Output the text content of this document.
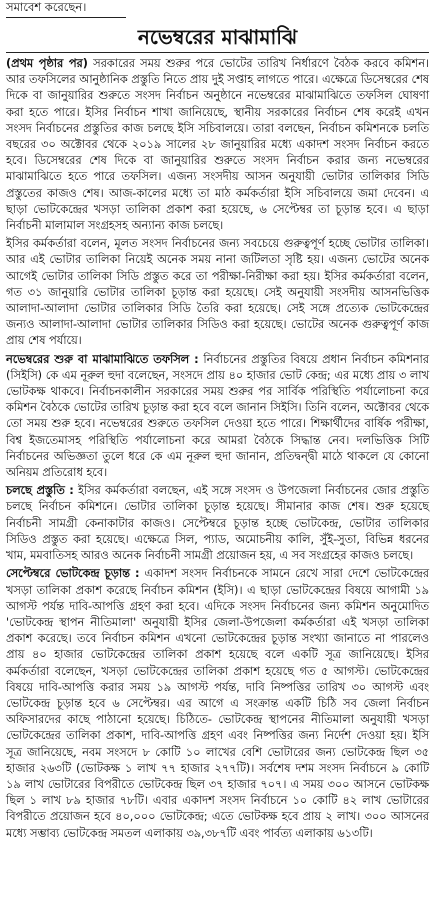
সমাবেশ করেছেন।
নভেম্বরের মাঝামাঝি

(প্রথম পৃষ্ঠার পর) সরকারের সময় শুরুর পরে ভোটের তারিখ নির্ধারণে বৈঠক করবে কমিশন। আর তফসিলের আনুষ্ঠানিক প্রস্তুতি নিতে প্রায় দুই সপ্তাহ লাগতে পারে। এক্ষেত্রে ডিসেম্বরের শেষ দিকে বা জানুয়ারির শুরুতে সংসদ নির্বাচন অনুষ্ঠানে নভেম্বরের মাঝামাঝিতে তফসিল ঘোষণা করা হতে পারে। ইসির নির্বাচন শাখা জানিয়েছে, স্থানীয় সরকারের নির্বাচন শেষ করেই এখন সংসদ নির্বাচনের প্রস্তুতির কাজ চলছে ইসি সচিবালয়ে। তারা বলছেন, নির্বাচন কমিশনকে চলতি বছরের ৩০ অক্টোবর থেকে ২০১৯ সালের ২৮ জানুয়ারির মধ্যে একাদশ সংসদ নির্বাচন করতে হবে। ডিসেম্বরের শেষ দিকে বা জানুয়ারির শুরুতে সংসদ নির্বাচন করার জন্য নভেম্বরের মাঝামাঝিতে হতে পারে তফসিল। এজন্য সংসদীয় আসন অনুযায়ী ভোটার তালিকার সিডি প্রস্তুতের কাজও শেষ। আজ-কালের মধ্যে তা মাঠ কর্মকর্তারা ইসি সচিবালয়ে জমা দেবেন। এ ছাড়া ভোটকেন্দ্রের খসড়া তালিকা প্রকাশ করা হয়েছে, ৬ সেপ্টেম্বর তা চূড়ান্ত হবে। এ ছাড়া নির্বাচনী মালামাল সংগ্রহসহ অন্যান্য কাজ চলছে।

ইসির কর্মকর্তারা বলেন, মূলত সংসদ নির্বাচনের জন্য সবচেয়ে গুরুত্বপূর্ণ হচ্ছে ভোটার তালিকা। আর এই ভোটার তালিকা নিয়েই অনেক সময় নানা জটিলতা সৃষ্টি হয়। এজন্য ভোটের অনেক আগেই ভোটার তালিকা সিডি প্রস্তুত করে তা পরীক্ষা-নিরীক্ষা করা হয়। ইসির কর্মকর্তারা বলেন, গত ৩১ জানুয়ারি ভোটার তালিকা চূড়ান্ত করা হয়েছে। সেই অনুযায়ী সংসদীয় আসনভিত্তিক আলাদা-আলাদা ভোটার তালিকার সিডি তৈরি করা হয়েছে। সেই সঙ্গে প্রত্যেক ভোটকেন্দ্রের জন্যও আলাদা-আলাদা ভোটার তালিকার সিডিও করা হয়েছে। ভোটের অনেক গুরুত্বপূর্ণ কাজ প্রায় শেষ পর্যায়ে।

নভেম্বরের শুরু বা মাঝামাঝিতে তফসিল : নির্বাচনের প্রস্তুতির বিষয়ে প্রধান নির্বাচন কমিশনার (সিইসি) কে এম নূরুল হুদা বলেছেন, সংসদে প্রায় ৪০ হাজার ভোট কেন্দ্র; এর মধ্যে প্রায় ৩ লাখ ভোটকক্ষ থাকবে। নির্বাচনকালীন সরকারের সময় শুরুর পর সার্বিক পরিস্থিতি পর্যালোচনা করে কমিশন বৈঠকে ভোটের তারিখ চূড়ান্ত করা হবে বলে জানান সিইসি। তিনি বলেন, অক্টোবর থেকে তো সময় শুরু হবে। নভেম্বরের শুরুতে তফসিল দেওয়া হতে পারে। শিক্ষার্থীদের বার্ষিক পরীক্ষা, বিশ্ব ইজতেমাসহ পরিস্থিতি পর্যালোচনা করে আমরা বৈঠকে সিদ্ধান্ত নেব। দলভিত্তিক সিটি নির্বাচনের অভিজ্ঞতা তুলে ধরে কে এম নূরুল হুদা জানান, প্রতিদ্বন্দ্বী মাঠে থাকলে যে কোনো অনিয়ম প্রতিরোধ হবে।

চলছে প্রস্তুতি : ইসির কর্মকর্তারা বলছেন, এই সঙ্গে সংসদ ও উপজেলা নির্বাচনের জোর প্রস্তুতি চলছে নির্বাচন কমিশনে। ভোটার তালিকা চূড়ান্ত হয়েছে। সীমানার কাজ শেষ। শুরু হয়েছে নির্বাচনী সামগ্রী কেনাকাটার কাজও। সেপ্টেম্বরে চূড়ান্ত হচ্ছে ভোটকেন্দ্র, ভোটার তালিকার সিডিও প্রস্তুত করা হয়েছে। এক্ষেত্রে সিল, প্যাড, অমোচনীয় কালি, সুঁই-সুতা, বিভিন্ন ধরনের খাম, মমবাতিসহ আরও অনেক নির্বাচনী সামগ্রী প্রয়োজন হয়, এ সব সংগ্রহের কাজও চলছে।

সেপ্টেম্বরে ভোটকেন্দ্র চূড়ান্ত : একাদশ সংসদ নির্বাচনকে সামনে রেখে সারা দেশে ভোটকেন্দ্রের খসড়া তালিকা প্রকাশ করেছে নির্বাচন কমিশন (ইসি)। এ ছাড়া ভোটকেন্দ্রের বিষয়ে আগামী ১৯ আগস্ট পর্যন্ত দাবি-আপত্তি গ্রহণ করা হবে। এদিকে সংসদ নির্বাচনের জন্য কমিশন অনুমোদিত 'ভোটকেন্দ্র স্থাপন নীতিমালা' অনুযায়ী ইসির জেলা-উপজেলা কর্মকর্তারা এই খসড়া তালিকা প্রকাশ করেছে। তবে নির্বাচন কমিশন এখনো ভোটকেন্দ্রের চূড়ান্ত সংখ্যা জানাতে না পারলেও প্রায় ৪০ হাজার ভোটকেন্দ্রের তালিকা প্রকাশ হয়েছে বলে একটি সূত্র জানিয়েছে। ইসির কর্মকর্তারা বলেছেন, খসড়া ভোটকেন্দ্রের তালিকা প্রকাশ হয়েছে গত ৫ আগস্ট। ভোটকেন্দ্রের বিষয়ে দাবি-আপত্তি করার সময় ১৯ আগস্ট পর্যন্ত, দাবি নিষ্পত্তির তারিখ ৩০ আগস্ট এবং ভোটকেন্দ্র চূড়ান্ত হবে ৬ সেপ্টেম্বর। এর আগে এ সংক্রান্ত একটি চিঠি সব জেলা নির্বাচন অফিসারদের কাছে পাঠানো হয়েছে। চিঠিতে- ভোটকেন্দ্র স্থাপনের নীতিমালা অনুযায়ী খসড়া ভোটকেন্দ্রের তালিকা প্রকাশ, দাবি-আপত্তি গ্রহণ এবং নিষ্পত্তির জন্য নির্দেশ দেওয়া হয়। ইসি সূত্র জানিয়েছে, নবম সংসদে ৮ কোটি ১০ লাখের বেশি ভোটারের জন্য ভোটকেন্দ্র ছিল ৩৫ হাজার ২৬৩টি (ভোটকক্ষ ১ লাখ ৭৭ হাজার ২৭৭টি)। সর্বশেষ দশম সংসদ নির্বাচনে ৯ কোটি ১৯ লাখ ভোটারের বিপরীতে ভোটকেন্দ্র ছিল ৩৭ হাজার ৭০৭। এ সময় ৩০০ আসনে ভোটকক্ষ ছিল ১ লাখ ৮৯ হাজার ৭৮টি। এবার একাদশ সংসদ নির্বাচনে ১০ কোটি ৪২ লাখ ভোটারের বিপরীতে প্রয়োজন হবে ৪০,০০০ ভোটকেন্দ্র; এতে ভোটকক্ষ হবে প্রায় ২ লাখ। ৩০০ আসনের মধ্যে সম্ভাব্য ভোটকেন্দ্র সমতল এলাকায় ৩৯,৩৮৭টি এবং পার্বত্য এলাকায় ৬১৩টি।
